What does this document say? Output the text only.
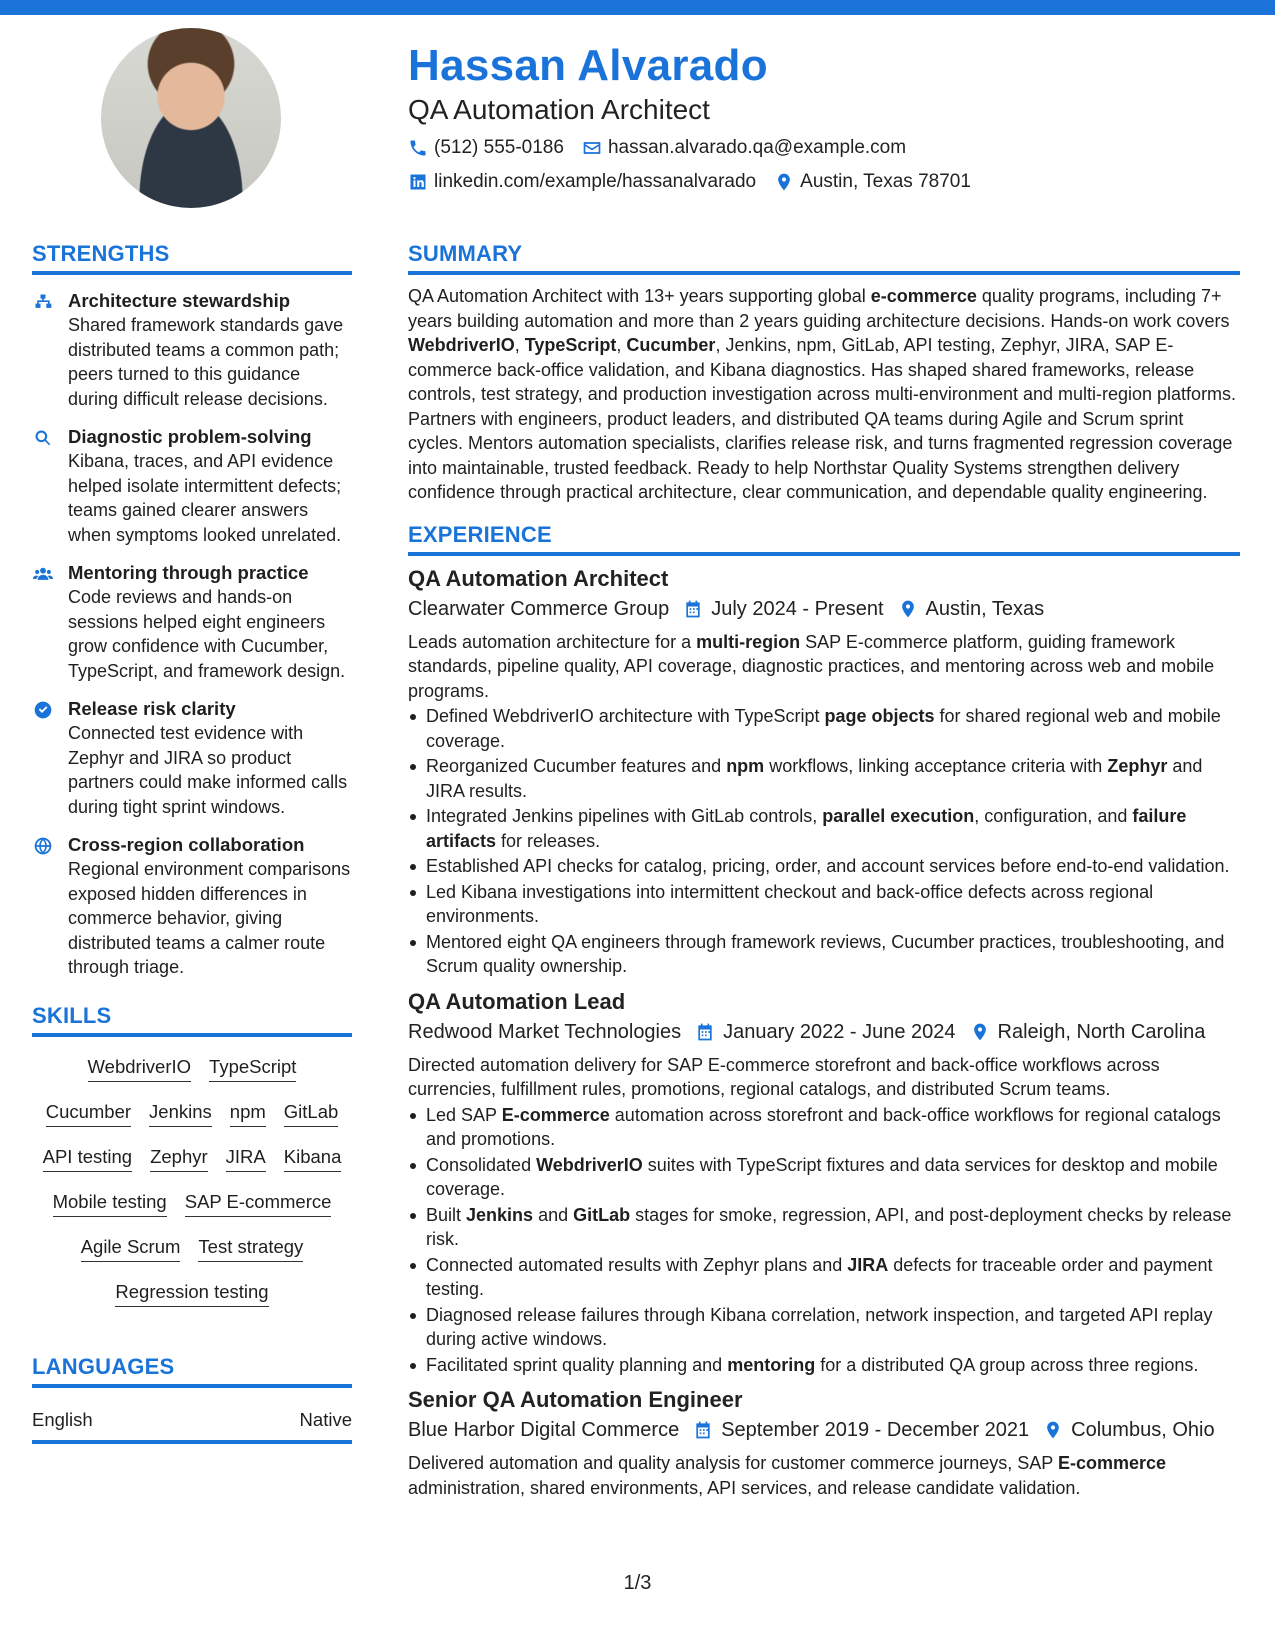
Hassan Alvarado
QA Automation Architect
(512) 555-0186 hassan.alvarado.qa@example.com
linkedin.com/example/hassanalvarado Austin, Texas 78701
STRENGTHS
Architecture stewardship
Shared framework standards gave distributed teams a common path; peers turned to this guidance during difficult release decisions.
Diagnostic problem-solving
Kibana, traces, and API evidence helped isolate intermittent defects; teams gained clearer answers when symptoms looked unrelated.
Mentoring through practice
Code reviews and hands-on sessions helped eight engineers grow confidence with Cucumber, TypeScript, and framework design.
Release risk clarity
Connected test evidence with Zephyr and JIRA so product partners could make informed calls during tight sprint windows.
Cross-region collaboration
Regional environment comparisons exposed hidden differences in commerce behavior, giving distributed teams a calmer route through triage.
SKILLS
WebdriverIO TypeScript
Cucumber Jenkins npm GitLab
API testing Zephyr JIRA Kibana
Mobile testing SAP E-commerce
Agile Scrum Test strategy
Regression testing
LANGUAGES
English	Native
SUMMARY
QA Automation Architect with 13+ years supporting global e-commerce quality programs, including 7+ years building automation and more than 2 years guiding architecture decisions. Hands-on work covers WebdriverIO, TypeScript, Cucumber, Jenkins, npm, GitLab, API testing, Zephyr, JIRA, SAP E-commerce back-office validation, and Kibana diagnostics. Has shaped shared frameworks, release controls, test strategy, and production investigation across multi-environment and multi-region platforms. Partners with engineers, product leaders, and distributed QA teams during Agile and Scrum sprint cycles. Mentors automation specialists, clarifies release risk, and turns fragmented regression coverage into maintainable, trusted feedback. Ready to help Northstar Quality Systems strengthen delivery confidence through practical architecture, clear communication, and dependable quality engineering.
EXPERIENCE
QA Automation Architect
Clearwater Commerce Group July 2024 - Present Austin, Texas
Leads automation architecture for a multi-region SAP E-commerce platform, guiding framework standards, pipeline quality, API coverage, diagnostic practices, and mentoring across web and mobile programs.
Defined WebdriverIO architecture with TypeScript page objects for shared regional web and mobile coverage.
Reorganized Cucumber features and npm workflows, linking acceptance criteria with Zephyr and JIRA results.
Integrated Jenkins pipelines with GitLab controls, parallel execution, configuration, and failure artifacts for releases.
Established API checks for catalog, pricing, order, and account services before end-to-end validation.
Led Kibana investigations into intermittent checkout and back-office defects across regional environments.
Mentored eight QA engineers through framework reviews, Cucumber practices, troubleshooting, and Scrum quality ownership.
QA Automation Lead
Redwood Market Technologies January 2022 - June 2024 Raleigh, North Carolina
Directed automation delivery for SAP E-commerce storefront and back-office workflows across currencies, fulfillment rules, promotions, regional catalogs, and distributed Scrum teams.
Led SAP E-commerce automation across storefront and back-office workflows for regional catalogs and promotions.
Consolidated WebdriverIO suites with TypeScript fixtures and data services for desktop and mobile coverage.
Built Jenkins and GitLab stages for smoke, regression, API, and post-deployment checks by release risk.
Connected automated results with Zephyr plans and JIRA defects for traceable order and payment testing.
Diagnosed release failures through Kibana correlation, network inspection, and targeted API replay during active windows.
Facilitated sprint quality planning and mentoring for a distributed QA group across three regions.
Senior QA Automation Engineer
Blue Harbor Digital Commerce September 2019 - December 2021 Columbus, Ohio
Delivered automation and quality analysis for customer commerce journeys, SAP E-commerce administration, shared environments, API services, and release candidate validation.
1/3
